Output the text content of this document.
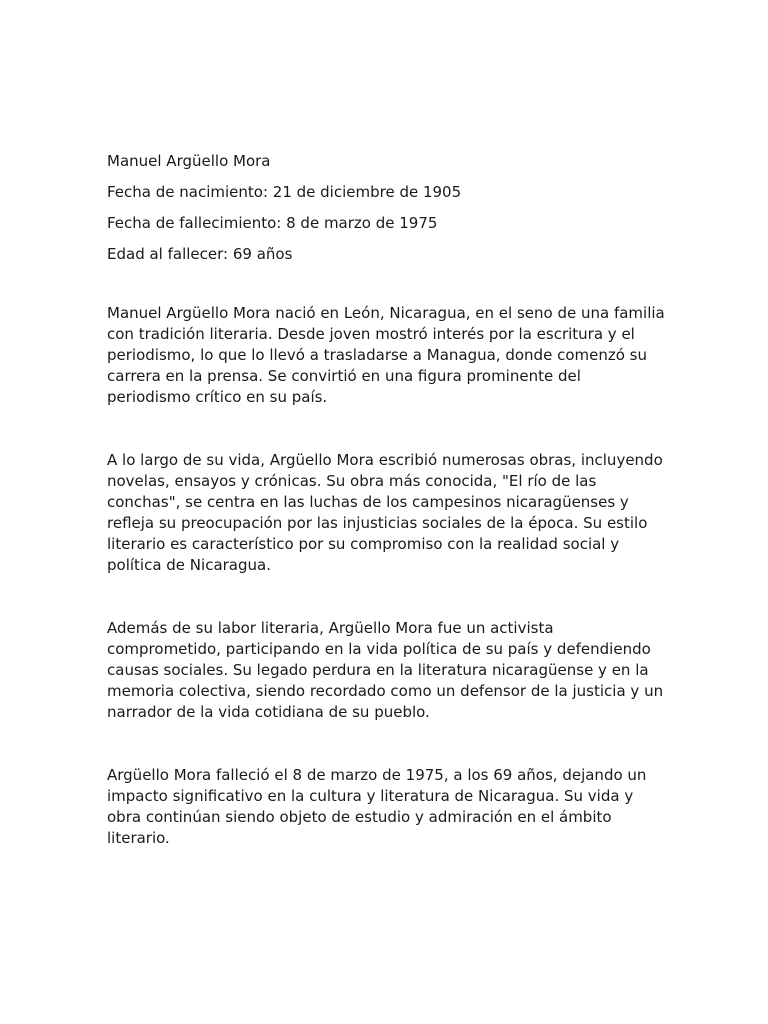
Manuel Argüello Mora

Fecha de nacimiento: 21 de diciembre de 1905

Fecha de fallecimiento: 8 de marzo de 1975

Edad al fallecer: 69 años

Manuel Argüello Mora nació en León, Nicaragua, en el seno de una familia con tradición literaria. Desde joven mostró interés por la escritura y el periodismo, lo que lo llevó a trasladarse a Managua, donde comenzó su carrera en la prensa. Se convirtió en una figura prominente del periodismo crítico en su país.

A lo largo de su vida, Argüello Mora escribió numerosas obras, incluyendo novelas, ensayos y crónicas. Su obra más conocida, "El río de las conchas", se centra en las luchas de los campesinos nicaragüenses y refleja su preocupación por las injusticias sociales de la época. Su estilo literario es característico por su compromiso con la realidad social y política de Nicaragua.

Además de su labor literaria, Argüello Mora fue un activista comprometido, participando en la vida política de su país y defendiendo causas sociales. Su legado perdura en la literatura nicaragüense y en la memoria colectiva, siendo recordado como un defensor de la justicia y un narrador de la vida cotidiana de su pueblo.

Argüello Mora falleció el 8 de marzo de 1975, a los 69 años, dejando un impacto significativo en la cultura y literatura de Nicaragua. Su vida y obra continúan siendo objeto de estudio y admiración en el ámbito literario.
